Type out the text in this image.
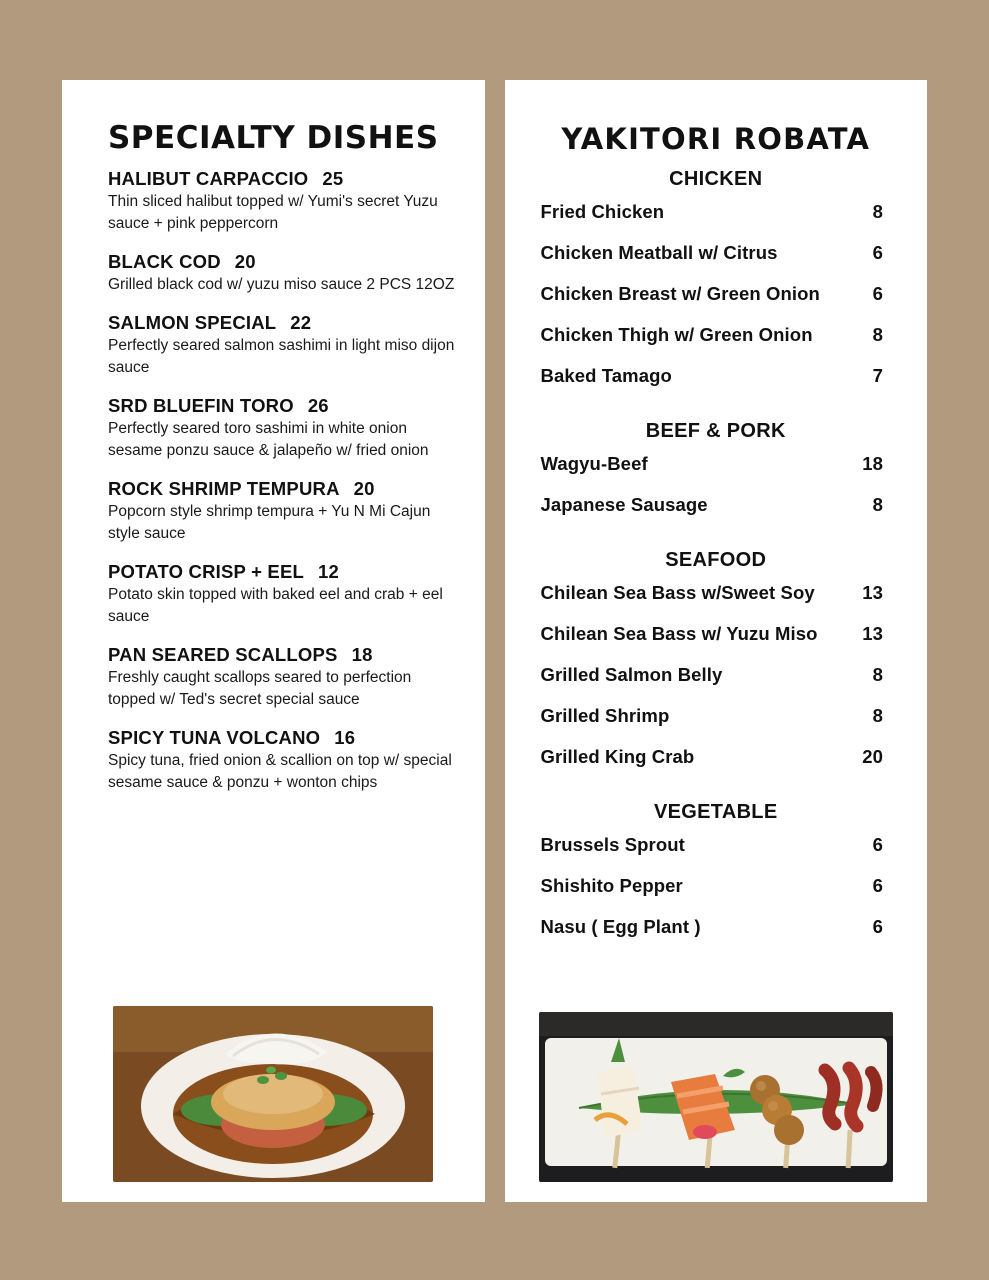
SPECIALTY DISHES
HALIBUT CARPACCIO 25
Thin sliced halibut topped w/ Yumi's secret Yuzu sauce + pink peppercorn
BLACK COD 20
Grilled black cod w/ yuzu miso sauce 2 PCS 12OZ
SALMON SPECIAL 22
Perfectly seared salmon sashimi in light miso dijon sauce
SRD BLUEFIN TORO 26
Perfectly seared toro sashimi in white onion sesame ponzu sauce & jalapeño w/ fried onion
ROCK SHRIMP TEMPURA 20
Popcorn style shrimp tempura + Yu N Mi Cajun style sauce
POTATO CRISP + EEL 12
Potato skin topped with baked eel and crab + eel sauce
PAN SEARED SCALLOPS 18
Freshly caught scallops seared to perfection topped w/ Ted's secret special sauce
SPICY TUNA VOLCANO 16
Spicy tuna, fried onion & scallion on top w/ special sesame sauce & ponzu + wonton chips
YAKITORI ROBATA
CHICKEN
Fried Chicken	8
Chicken Meatball w/ Citrus	6
Chicken Breast w/ Green Onion	6
Chicken Thigh w/ Green Onion	8
Baked Tamago	7
BEEF & PORK
Wagyu-Beef	18
Japanese Sausage	8
SEAFOOD
Chilean Sea Bass w/Sweet Soy	13
Chilean Sea Bass w/ Yuzu Miso 13
Grilled Salmon Belly	8
Grilled Shrimp	8
Grilled King Crab	20
VEGETABLE
Brussels Sprout	6
Shishito Pepper	6
Nasu ( Egg Plant )	6
